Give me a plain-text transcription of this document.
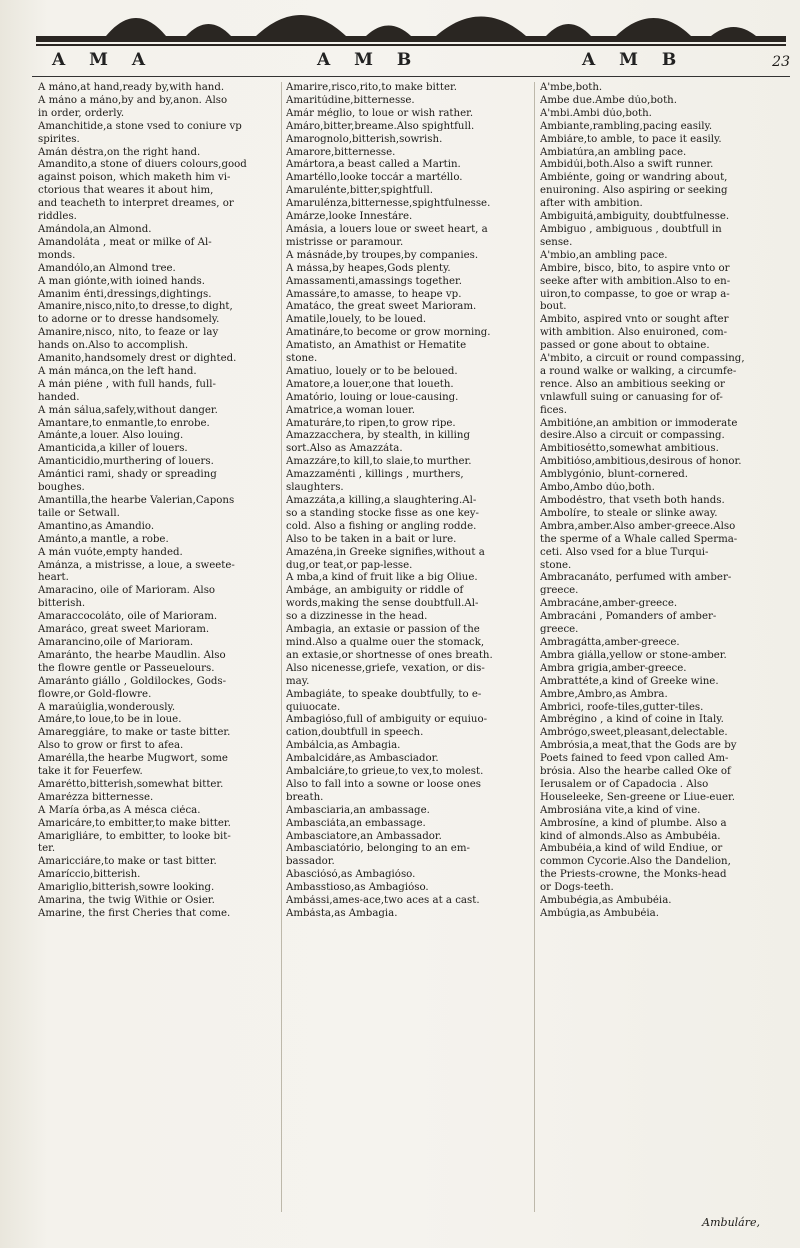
A M A	A M B	A M B	23

A máno,at hand,ready by,with hand.

A máno a máno,by and by,anon. Also

in order, orderly.

Amanchitide,a stone vsed to coniure vp

spirites.

Amán déstra,on the right hand.

Amandito,a stone of diuers colours,good

against poison, which maketh him vi-

ctorious that weares it about him,

and teacheth to interpret dreames, or

riddles.

Amándola,an Almond.

Amandoláta , meat or milke of Al-

monds.

Amandólo,an Almond tree.

A man giónte,with ioined hands.

Amanim énti,dressings,dightings.

Amanire,nisco,nito,to dresse,to dight,

to adorne or to dresse handsomely.

Amanire,nisco, nito, to feaze or lay

hands on.Also to accomplish.

Amanito,handsomely drest or dighted.

A mán mánca,on the left hand.

A mán piéne , with full hands, full-

handed.

A mán sálua,safely,without danger.

Amantare,to enmantle,to enrobe.

Amánte,a louer. Also louing.

Amanticida,a killer of louers.

Amanticidio,murthering of louers.

Amántici rami, shady or spreading

boughes.

Amantilla,the hearbe Valerian,Capons

taile or Setwall.

Amantino,as Amandio.

Amánto,a mantle, a robe.

A mán vuóte,empty handed.

Amánza, a mistrisse, a loue, a sweete-

heart.

Amaracino, oile of Marioram. Also

bitterish.

Amaraccocoláto, oile of Marioram.

Amaráco, great sweet Marioram.

Amarancino,oile of Marioram.

Amaránto, the hearbe Maudlin. Also

the flowre gentle or Passeuelours.

Amaránto giállo , Goldilockes, Gods-

flowre,or Gold-flowre.

A maraúiglia,wonderously.

Amáre,to loue,to be in loue.

Amareggiáre, to make or taste bitter.

Also to grow or first to afea.

Amarélla,the hearbe Mugwort, some

take it for Feuerfew.

Amarétto,bitterish,somewhat bitter.

Amarézza bitternesse.

A María órba,as A mésca ciéca.

Amaricáre,to embitter,to make bitter.

Amarigliáre, to embitter, to looke bit-

ter.

Amaricciáre,to make or tast bitter.

Amaríccio,bitterish.

Amariglio,bitterish,sowre looking.

Amarina, the twig Withie or Osier.

Amarine, the first Cheries that come.

Amarire,risco,rito,to make bitter.

Amaritúdine,bitternesse.

Amár méglio, to loue or wish rather.

Amáro,bitter,breame.Also spightfull.

Amarognolo,bitterish,sowrish.

Amarore,bitternesse.

Amártora,a beast called a Martin.

Amartéllo,looke toccár a martéllo.

Amarulénte,bitter,spightfull.

Amarulénza,bitternesse,spightfulnesse.

Amárze,looke Innestáre.

Amásia, a louers loue or sweet heart, a

mistrisse or paramour.

A másnáde,by troupes,by companies.

A mássa,by heapes,Gods plenty.

Amassamenti,amassings together.

Amassáre,to amasse, to heape vp.

Amatáco, the great sweet Marioram.

Amatile,louely, to be loued.

Amatináre,to become or grow morning.

Amatisto, an Amathist or Hematite

stone.

Amatiuo, louely or to be beloued.

Amatore,a louer,one that loueth.

Amatório, louing or loue-causing.

Amatrice,a woman louer.

Amaturáre,to ripen,to grow ripe.

Amazzacchera, by stealth, in killing

sort.Also as Amazzáta.

Amazzáre,to kill,to slaie,to murther.

Amazzaménti , killings , murthers,

slaughters.

Amazzáta,a killing,a slaughtering.Al-

so a standing stocke fisse as one key-

cold. Also a fishing or angling rodde.

Also to be taken in a bait or lure.

Amazéna,in Greeke signifies,without a

dug,or teat,or pap-lesse.

A mba,a kind of fruit like a big Oliue.

Ambáge, an ambiguity or riddle of

words,making the sense doubtfull.Al-

so a dizzinesse in the head.

Ambagia, an extasie or passion of the

mind.Also a qualme ouer the stomack,

an extasie,or shortnesse of ones breath.

Also nicenesse,griefe, vexation, or dis-

may.

Ambagiáte, to speake doubtfully, to e-

quiuocate.

Ambagióso,full of ambiguity or equiuo-

cation,doubtfull in speech.

Ambálcia,as Ambagia.

Ambalcidáre,as Ambasciador.

Ambalciáre,to grieue,to vex,to molest.

Also to fall into a sowne or loose ones

breath.

Ambasciaria,an ambassage.

Ambasciáta,an embassage.

Ambasciatore,an Ambassador.

Ambasciatório, belonging to an em-

bassador.

Abasciósó,as Ambagióso.

Ambasstioso,as Ambagióso.

Ambássi,ames-ace,two aces at a cast.

Ambásta,as Ambagia.

A'mbe,both.

Ambe due.Ambe dúo,both.

A'mbi.Ambi dúo,both.

Ambiante,rambling,pacing easily.

Ambiáre,to amble, to pace it easily.

Ambiatúra,an ambling pace.

Ambidúi,both.Also a swift runner.

Ambiénte, going or wandring about,

enuironing. Also aspiring or seeking

after with ambition.

Ambiguitá,ambiguity, doubtfulnesse.

Ambiguo , ambiguous , doubtfull in

sense.

A'mbio,an ambling pace.

Ambire, bisco, bito, to aspire vnto or

seeke after with ambition.Also to en-

uiron,to compasse, to goe or wrap a-

bout.

Ambito, aspired vnto or sought after

with ambition. Also enuironed, com-

passed or gone about to obtaine.

A'mbito, a circuit or round compassing,

a round walke or walking, a circumfe-

rence. Also an ambitious seeking or

vnlawfull suing or canuasing for of-

fices.

Ambitióne,an ambition or immoderate

desire.Also a circuit or compassing.

Ambitiosétto,somewhat ambitious.

Ambitióso,ambitious,desirous of honor.

Amblygónio, blunt-cornered.

Ambo,Ambo dúo,both.

Ambodéstro, that vseth both hands.

Ambolíre, to steale or slinke away.

Ambra,amber.Also amber-greece.Also

the sperme of a Whale called Sperma-

ceti. Also vsed for a blue Turqui-

stone.

Ambracanáto, perfumed with amber-

greece.

Ambracáne,amber-greece.

Ambracáni , Pomanders of amber-

greece.

Ambragátta,amber-greece.

Ambra giálla,yellow or stone-amber.

Ambra grigia,amber-greece.

Ambrattéte,a kind of Greeke wine.

Ambre,Ambro,as Ambra.

Ambrici, roofe-tiles,gutter-tiles.

Ambrégino , a kind of coine in Italy.

Ambrógo,sweet,pleasant,delectable.

Ambrósia,a meat,that the Gods are by

Poets fained to feed vpon called Am-

brósia. Also the hearbe called Oke of

Ierusalem or of Capadocia . Also

Houseleeke, Sen-greene or Liue-euer.

Ambrosiána vite,a kind of vine.

Ambrosíne, a kind of plumbe. Also a

kind of almonds.Also as Ambubéia.

Ambubéia,a kind of wild Endiue, or

common Cycorie.Also the Dandelion,

the Priests-crowne, the Monks-head

or Dogs-teeth.

Ambubégia,as Ambubéia.

Ambúgia,as Ambubéia.

Ambuláre,
